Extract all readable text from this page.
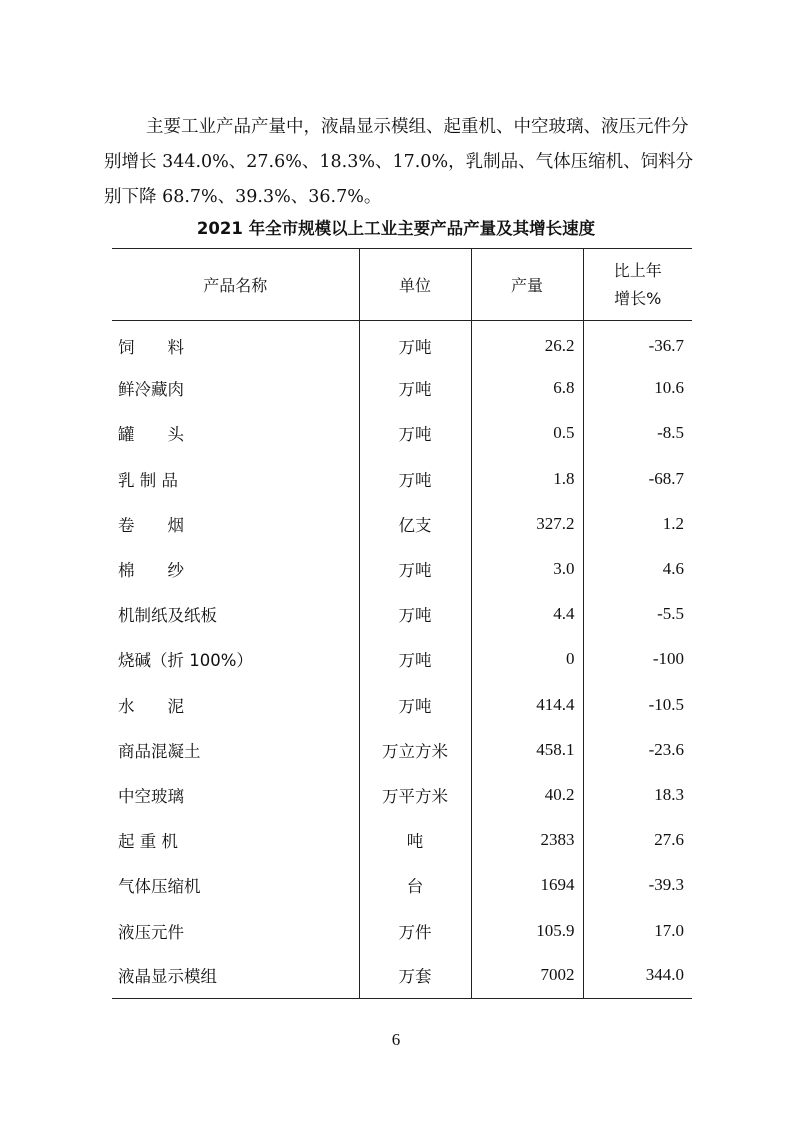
主要工业产品产量中，液晶显示模组、起重机、中空玻璃、液压元件分别增长 344.0%、27.6%、18.3%、17.0%，乳制品、气体压缩机、饲料分别下降 68.7%、39.3%、36.7%。

2021 年全市规模以上工业主要产品产量及其增长速度
产品名称	单位	产量	比上年
增长%

饲　　料	万吨	26.2	-36.7
鲜冷藏肉	万吨	6.8	10.6
罐　　头	万吨	0.5	-8.5
乳 制 品	万吨	1.8	-68.7
卷　　烟	亿支	327.2	1.2
棉　　纱	万吨	3.0	4.6
机制纸及纸板	万吨	4.4	-5.5
烧碱（折 100%）	万吨	0	-100
水　　泥	万吨	414.4	-10.5
商品混凝土	万立方米	458.1	-23.6
中空玻璃	万平方米	40.2	18.3
起 重 机	吨	2383	27.6
气体压缩机	台	1694	-39.3
液压元件	万件	105.9	17.0
液晶显示模组	万套	7002	344.0
6
